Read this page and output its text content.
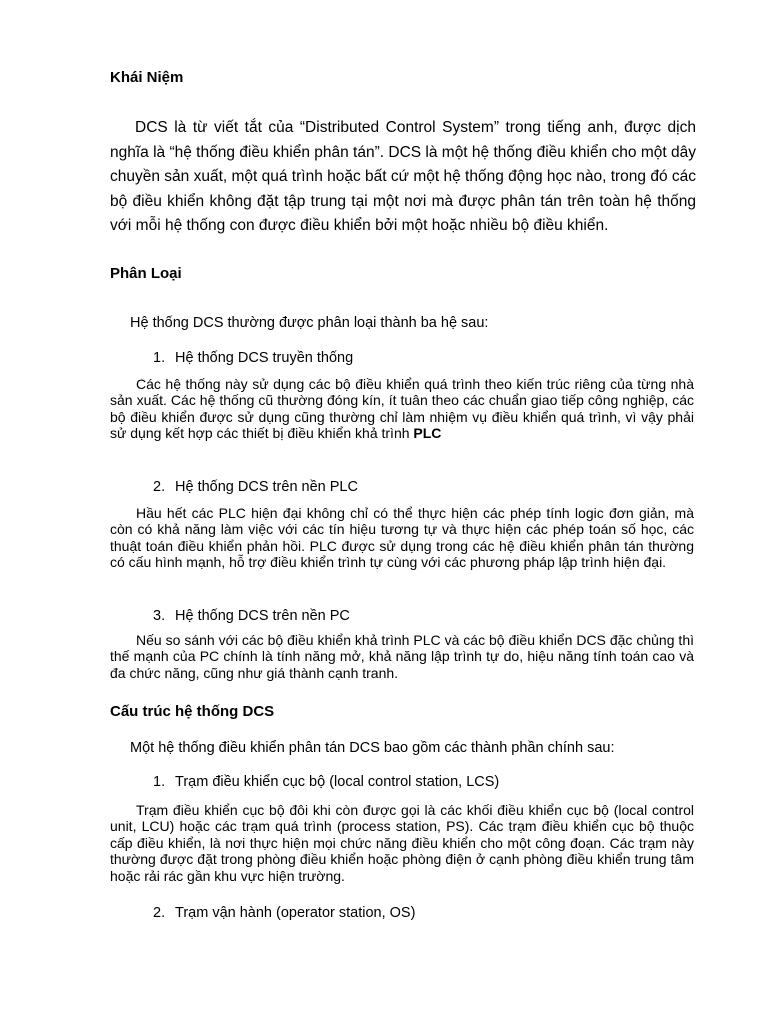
Khái Niệm

DCS là từ viết tắt của “Distributed Control System” trong tiếng anh, được dịch nghĩa là “hệ thống điều khiển phân tán”. DCS là một hệ thống điều khiển cho một dây chuyền sản xuất, một quá trình hoặc bất cứ một hệ thống động học nào, trong đó các bộ điều khiển không đặt tập trung tại một nơi mà được phân tán trên toàn hệ thống với mỗi hệ thống con được điều khiển bởi một hoặc nhiều bộ điều khiển.

Phân Loại

Hệ thống DCS thường được phân loại thành ba hệ sau:

1. Hệ thống DCS truyền thống

Các hệ thống này sử dụng các bộ điều khiển quá trình theo kiến trúc riêng của từng nhà sản xuất. Các hệ thống cũ thường đóng kín, ít tuân theo các chuẩn giao tiếp công nghiệp, các bộ điều khiển được sử dụng cũng thường chỉ làm nhiệm vụ điều khiển quá trình, vì vậy phải sử dụng kết hợp các thiết bị điều khiển khả trình PLC

2. Hệ thống DCS trên nền PLC

Hầu hết các PLC hiện đại không chỉ có thể thực hiện các phép tính logic đơn giản, mà còn có khả năng làm việc với các tín hiệu tương tự và thực hiện các phép toán số học, các thuật toán điều khiển phản hồi. PLC được sử dụng trong các hệ điều khiển phân tán thường có cấu hình mạnh, hỗ trợ điều khiển trình tự cùng với các phương pháp lập trình hiện đại.

3. Hệ thống DCS trên nền PC

Nếu so sánh với các bộ điều khiển khả trình PLC và các bộ điều khiển DCS đặc chủng thì thế mạnh của PC chính là tính năng mở, khả năng lập trình tự do, hiệu năng tính toán cao và đa chức năng, cũng như giá thành cạnh tranh.

Cấu trúc hệ thống DCS

Một hệ thống điều khiển phân tán DCS bao gồm các thành phần chính sau:

1. Trạm điều khiển cục bộ (local control station, LCS)

Trạm điều khiển cục bộ đôi khi còn được gọi là các khối điều khiển cục bộ (local control unit, LCU) hoặc các trạm quá trình (process station, PS). Các trạm điều khiển cục bộ thuộc cấp điều khiển, là nơi thực hiện mọi chức năng điều khiển cho một công đoạn. Các trạm này thường được đặt trong phòng điều khiển hoặc phòng điện ở cạnh phòng điều khiển trung tâm hoặc rải rác gần khu vực hiện trường.

2. Trạm vận hành (operator station, OS)
